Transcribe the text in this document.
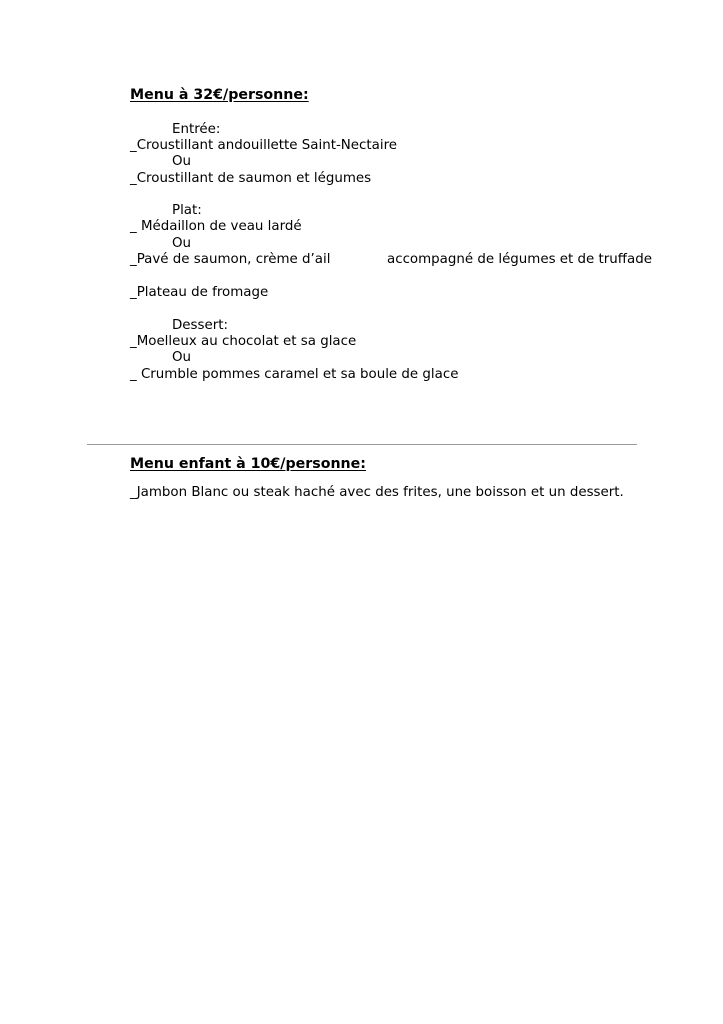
Menu à 32€/personne:
Entrée:
_Croustillant andouillette Saint-Nectaire
Ou
_Croustillant de saumon et légumes
Plat:
_ Médaillon de veau lardé
Ou
_Pavé de saumon, crème d’ail	accompagné de légumes et de truffade
_Plateau de fromage
Dessert:
_Moelleux au chocolat et sa glace
Ou
_ Crumble pommes caramel et sa boule de glace
Menu enfant à 10€/personne:
_Jambon Blanc ou steak haché avec des frites, une boisson et un dessert.
